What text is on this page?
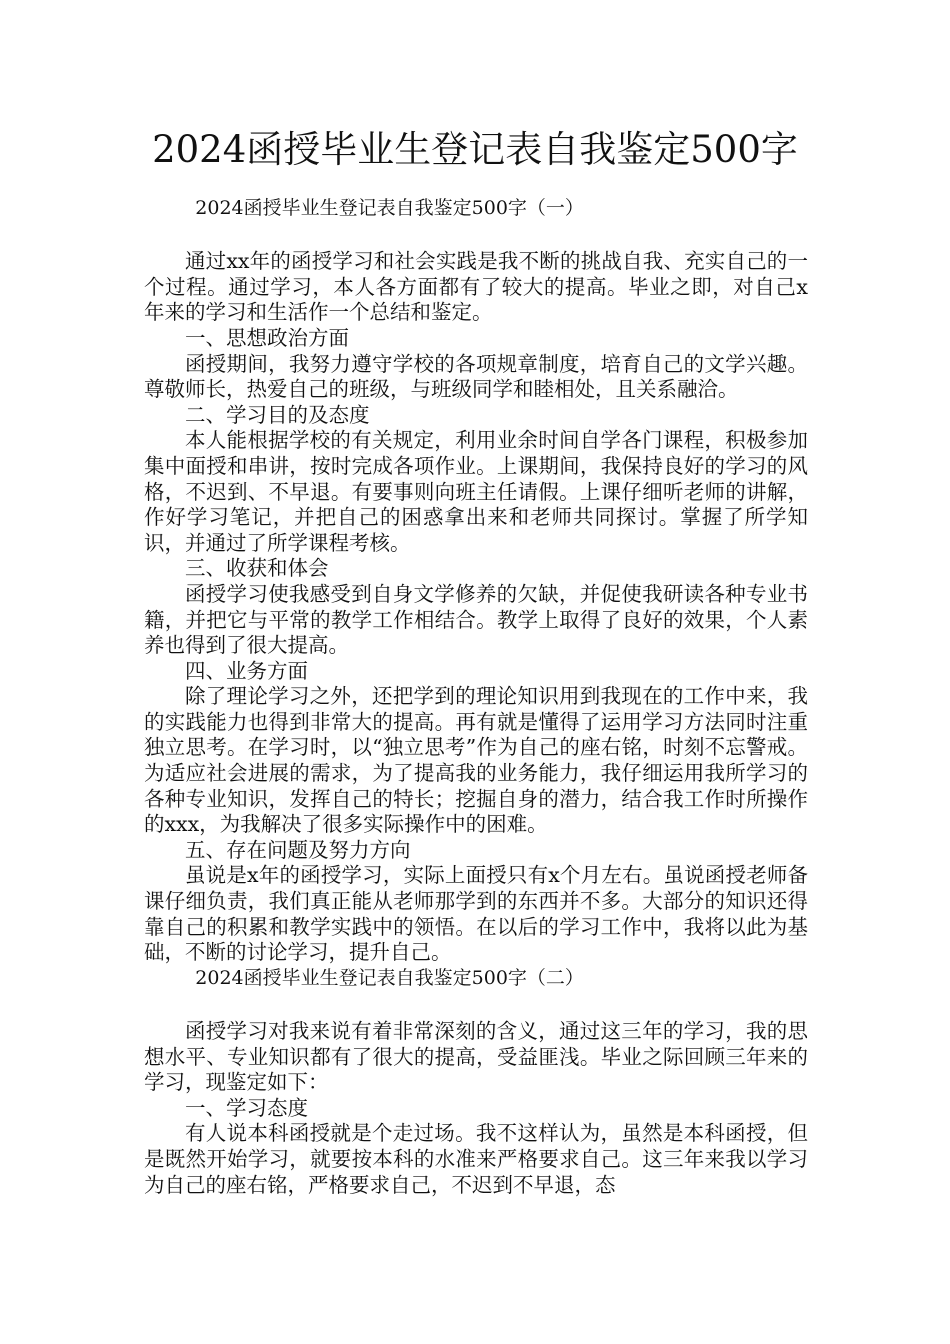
2024函授毕业生登记表自我鉴定500字

2024函授毕业生登记表自我鉴定500字（一）

通过xx年的函授学习和社会实践是我不断的挑战自我、充实自己的一个过程。通过学习，本人各方面都有了较大的提高。毕业之即，对自己x年来的学习和生活作一个总结和鉴定。

一、思想政治方面

函授期间，我努力遵守学校的各项规章制度，培育自己的文学兴趣。尊敬师长，热爱自己的班级，与班级同学和睦相处，且关系融洽。

二、学习目的及态度

本人能根据学校的有关规定，利用业余时间自学各门课程，积极参加集中面授和串讲，按时完成各项作业。上课期间，我保持良好的学习的风格，不迟到、不早退。有要事则向班主任请假。上课仔细听老师的讲解，作好学习笔记，并把自己的困惑拿出来和老师共同探讨。掌握了所学知识，并通过了所学课程考核。

三、收获和体会

函授学习使我感受到自身文学修养的欠缺，并促使我研读各种专业书籍，并把它与平常的教学工作相结合。教学上取得了良好的效果，个人素养也得到了很大提高。

四、业务方面

除了理论学习之外，还把学到的理论知识用到我现在的工作中来，我的实践能力也得到非常大的提高。再有就是懂得了运用学习方法同时注重独立思考。在学习时，以“独立思考”作为自己的座右铭，时刻不忘警戒。为适应社会进展的需求，为了提高我的业务能力，我仔细运用我所学习的各种专业知识，发挥自己的特长；挖掘自身的潜力，结合我工作时所操作的xxx，为我解决了很多实际操作中的困难。

五、存在问题及努力方向

虽说是x年的函授学习，实际上面授只有x个月左右。虽说函授老师备课仔细负责，我们真正能从老师那学到的东西并不多。大部分的知识还得靠自己的积累和教学实践中的领悟。在以后的学习工作中，我将以此为基础，不断的讨论学习，提升自己。

2024函授毕业生登记表自我鉴定500字（二）

函授学习对我来说有着非常深刻的含义，通过这三年的学习，我的思想水平、专业知识都有了很大的提高，受益匪浅。毕业之际回顾三年来的学习，现鉴定如下：

一、学习态度

有人说本科函授就是个走过场。我不这样认为，虽然是本科函授，但是既然开始学习，就要按本科的水准来严格要求自己。这三年来我以学习为自己的座右铭，严格要求自己，不迟到不早退，态
